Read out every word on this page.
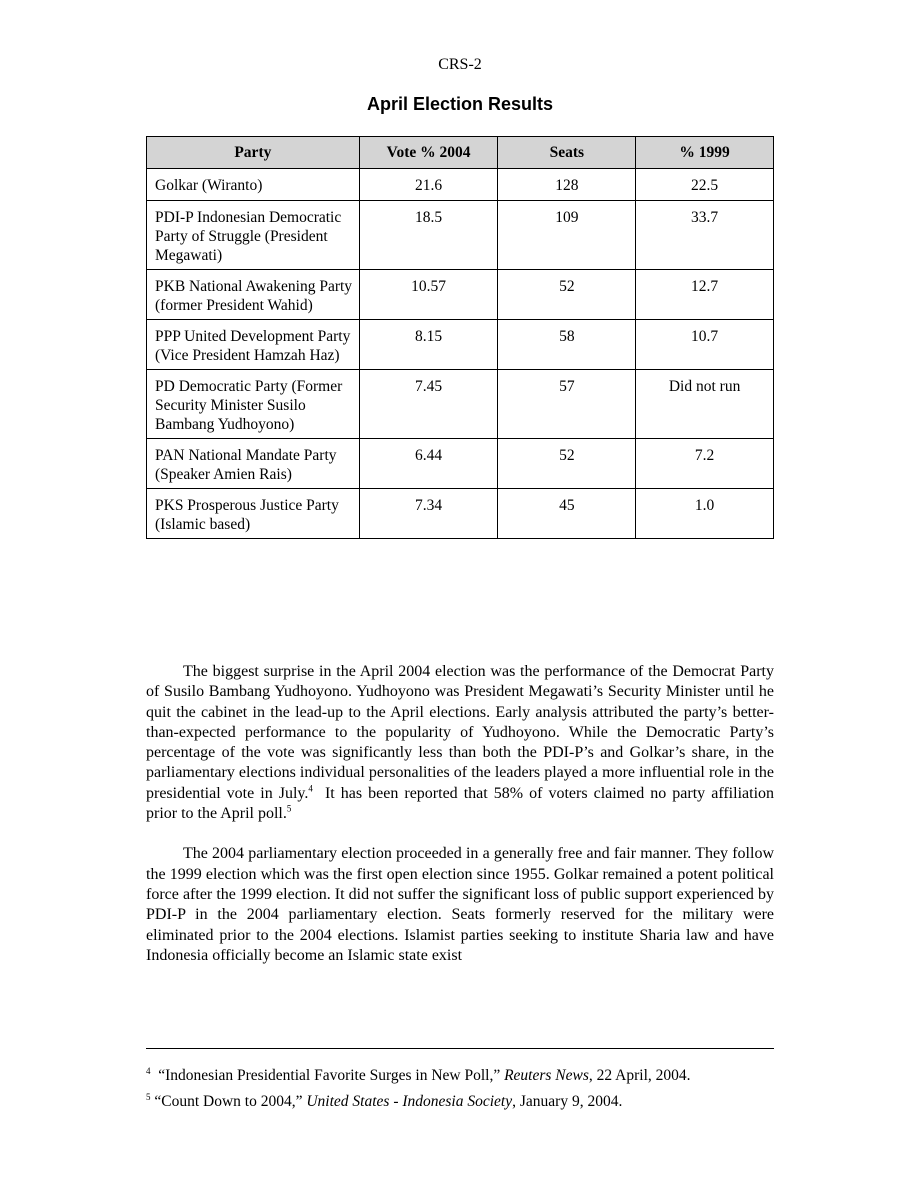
CRS-2
April Election Results
Party	Vote % 2004	Seats	% 1999
Golkar (Wiranto)	21.6	128	22.5
PDI-P Indonesian Democratic Party of Struggle (President Megawati)	18.5	109	33.7
PKB National Awakening Party (former President Wahid)	10.57	52	12.7
PPP United Development Party (Vice President Hamzah Haz)	8.15	58	10.7
PD Democratic Party (Former Security Minister Susilo Bambang Yudhoyono)	7.45	57	Did not run
PAN National Mandate Party (Speaker Amien Rais)	6.44	52	7.2
PKS Prosperous Justice Party (Islamic based)	7.34	45	1.0

The biggest surprise in the April 2004 election was the performance of the Democrat Party of Susilo Bambang Yudhoyono. Yudhoyono was President Megawati’s Security Minister until he quit the cabinet in the lead-up to the April elections. Early analysis attributed the party’s better-than-expected performance to the popularity of Yudhoyono. While the Democratic Party’s percentage of the vote was significantly less than both the PDI-P’s and Golkar’s share, in the parliamentary elections individual personalities of the leaders played a more influential role in the presidential vote in July.$^4$ It has been reported that 58% of voters claimed no party affiliation prior to the April poll.$^5$

The 2004 parliamentary election proceeded in a generally free and fair manner. They follow the 1999 election which was the first open election since 1955. Golkar remained a potent political force after the 1999 election. It did not suffer the significant loss of public support experienced by PDI-P in the 2004 parliamentary election. Seats formerly reserved for the military were eliminated prior to the 2004 elections. Islamist parties seeking to institute Sharia law and have Indonesia officially become an Islamic state exist

$^4$ “Indonesian Presidential Favorite Surges in New Poll,” Reuters News, 22 April, 2004.
$^5$ “Count Down to 2004,” United States - Indonesia Society, January 9, 2004.
